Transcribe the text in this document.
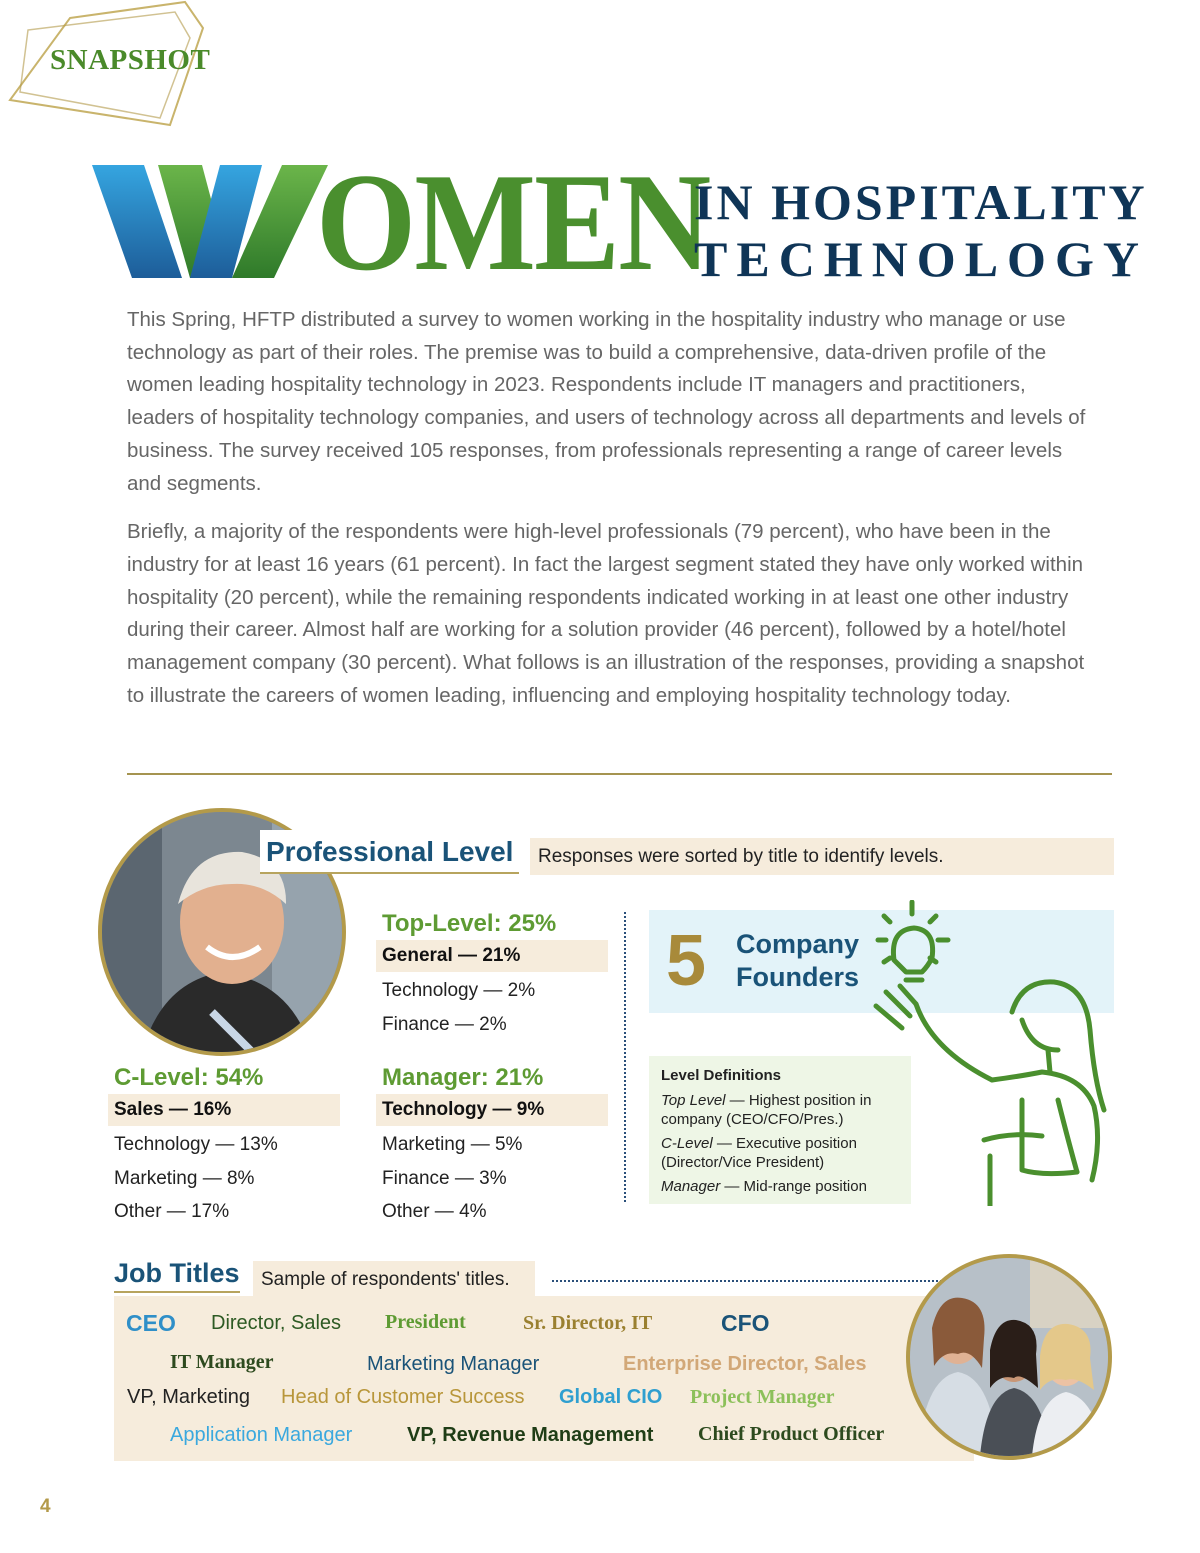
SNAPSHOT
OMEN
IN HOSPITALITY
TECHNOLOGY

This Spring, HFTP distributed a survey to women working in the hospitality industry who manage or use technology as part of their roles. The premise was to build a comprehensive, data-driven profile of the women leading hospitality technology in 2023. Respondents include IT managers and practitioners, leaders of hospitality technology companies, and users of technology across all departments and levels of business. The survey received 105 responses, from professionals representing a range of career levels and segments.

Briefly, a majority of the respondents were high-level professionals (79 percent), who have been in the industry for at least 16 years (61 percent). In fact the largest segment stated they have only worked within hospitality (20 percent), while the remaining respondents indicated working in at least one other industry during their career. Almost half are working for a solution provider (46 percent), followed by a hotel/hotel management company (30 percent). What follows is an illustration of the responses, providing a snapshot to illustrate the careers of women leading, influencing and employing hospitality technology today.

Professional Level	Responses were sorted by title to identify levels.
Top-Level: 25%
General — 21%
Technology — 2%
Finance — 2%
C-Level: 54%
Sales — 16%
Technology — 13%
Marketing — 8%
Other — 17%
Manager: 21%
Technology — 9%
Marketing — 5%
Finance — 3%
Other — 4%
5 Company
Founders
Level Definitions

Top Level — Highest position in company (CEO/CFO/Pres.)

C-Level — Executive position (Director/Vice President)

Manager — Mid-range position

Job Titles	Sample of respondents' titles.
CEO Director, Sales President	Sr. Director, IT	CFO
IT Manager	Marketing Manager	Enterprise Director, Sales
VP, Marketing Head of Customer Success Global CIO Project Manager
Application Manager	VP, Revenue Management Chief Product Officer
4
